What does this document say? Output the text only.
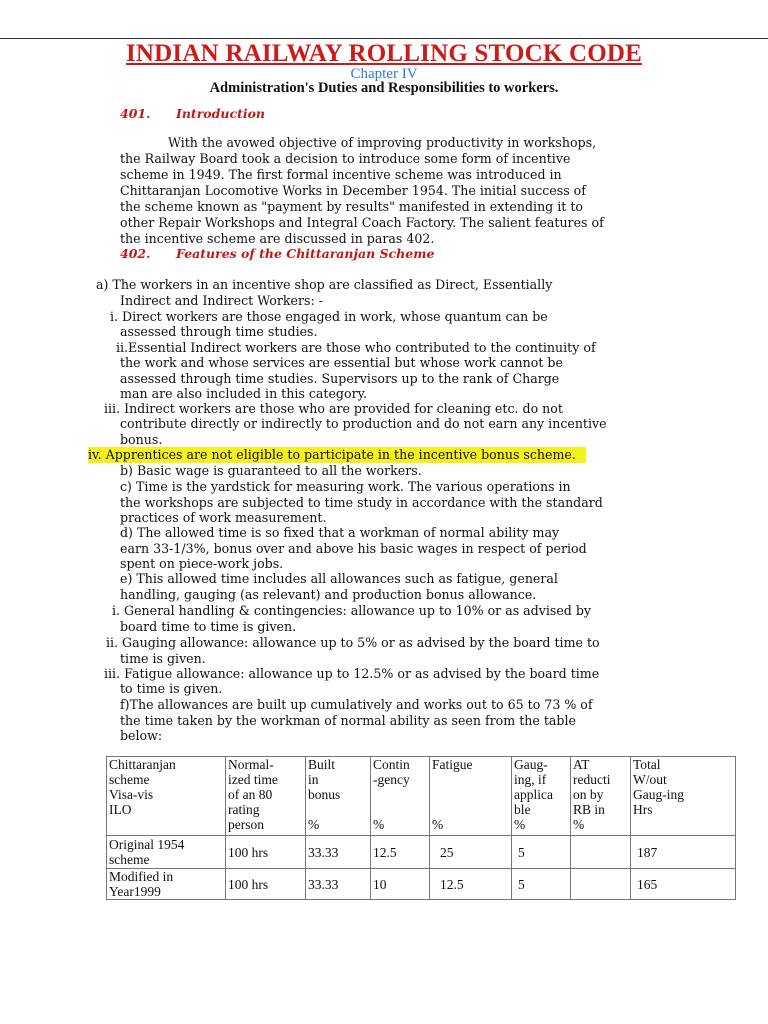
INDIAN RAILWAY ROLLING STOCK CODE
Chapter IV
Administration's Duties and Responsibilities to workers.
401. Introduction
With the avowed objective of improving productivity in workshops,
the Railway Board took a decision to introduce some form of incentive
scheme in 1949. The first formal incentive scheme was introduced in
Chittaranjan Locomotive Works in December 1954. The initial success of
the scheme known as "payment by results" manifested in extending it to
other Repair Workshops and Integral Coach Factory. The salient features of
the incentive scheme are discussed in paras 402.
402. Features of the Chittaranjan Scheme
a) The workers in an incentive shop are classified as Direct, Essentially
Indirect and Indirect Workers: -
i. Direct workers are those engaged in work, whose quantum can be
assessed through time studies.
ii.Essential Indirect workers are those who contributed to the continuity of
the work and whose services are essential but whose work cannot be
assessed through time studies. Supervisors up to the rank of Charge
man are also included in this category.
iii. Indirect workers are those who are provided for cleaning etc. do not
contribute directly or indirectly to production and do not earn any incentive
bonus.
iv. Apprentices are not eligible to participate in the incentive bonus scheme.
b) Basic wage is guaranteed to all the workers.
c) Time is the yardstick for measuring work. The various operations in
the workshops are subjected to time study in accordance with the standard
practices of work measurement.
d) The allowed time is so fixed that a workman of normal ability may
earn 33-1/3%, bonus over and above his basic wages in respect of period
spent on piece-work jobs.
e) This allowed time includes all allowances such as fatigue, general
handling, gauging (as relevant) and production bonus allowance.
i. General handling & contingencies: allowance up to 10% or as advised by
board time to time is given.
ii. Gauging allowance: allowance up to 5% or as advised by the board time to
time is given.
iii. Fatigue allowance: allowance up to 12.5% or as advised by the board time
to time is given.
f)The allowances are built up cumulatively and works out to 65 to 73 % of
the time taken by the workman of normal ability as seen from the table
below:
Chittaranjan
scheme
Visa-vis
ILO	Normal-
ized time
of an 80
rating
person	Built
in
bonus

%	Contin
-gency

%	Fatigue

%	Gaug-
ing, if
applica
ble
%	AT
reducti
on by
RB in
%	Total
W/out
Gaug-ing
Hrs

Original 1954
scheme	100 hrs	33.33	12.5	25	5		187

Modified in
Year1999	100 hrs	33.33	10	12.5	5		165
